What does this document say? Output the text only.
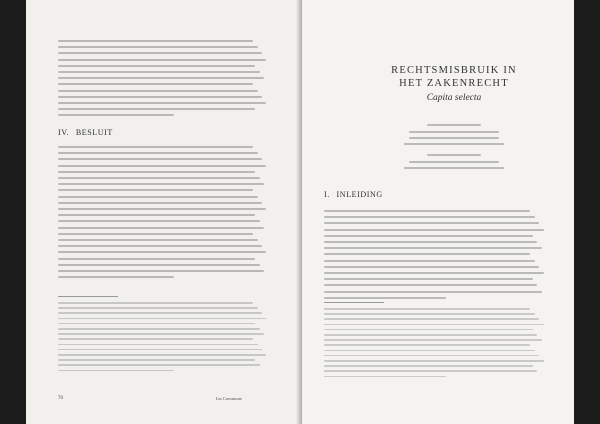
IV. BESLUIT
70	Ius Commune
RECHTSMISBRUIK IN
HET ZAKENRECHT
Capita selecta
I. INLEIDING
